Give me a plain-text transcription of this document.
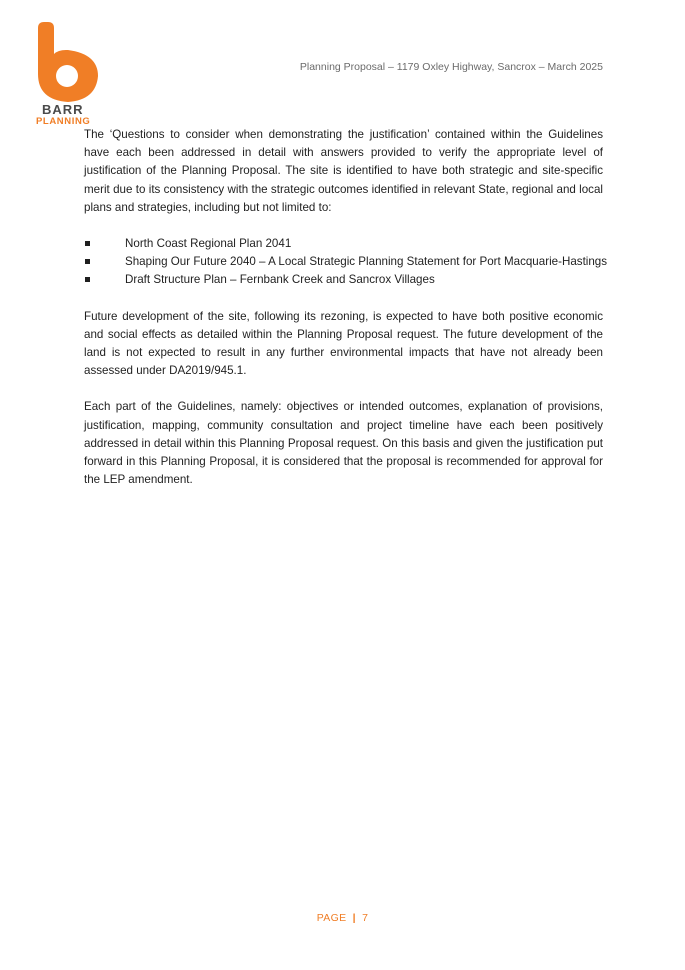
BARR
PLANNING
Planning Proposal – 1179 Oxley Highway, Sancrox – March 2025

The ‘Questions to consider when demonstrating the justification’ contained within the Guidelines have each been addressed in detail with answers provided to verify the appropriate level of justification of the Planning Proposal. The site is identified to have both strategic and site-specific merit due to its consistency with the strategic outcomes identified in relevant State, regional and local plans and strategies, including but not limited to:

North Coast Regional Plan 2041
Shaping Our Future 2040 – A Local Strategic Planning Statement for Port Macquarie-Hastings
Draft Structure Plan – Fernbank Creek and Sancrox Villages

Future development of the site, following its rezoning, is expected to have both positive economic and social effects as detailed within the Planning Proposal request. The future development of the land is not expected to result in any further environmental impacts that have not already been assessed under DA2019/945.1.

Each part of the Guidelines, namely: objectives or intended outcomes, explanation of provisions, justification, mapping, community consultation and project timeline have each been positively addressed in detail within this Planning Proposal request. On this basis and given the justification put forward in this Planning Proposal, it is considered that the proposal is recommended for approval for the LEP amendment.

PAGE | 7
